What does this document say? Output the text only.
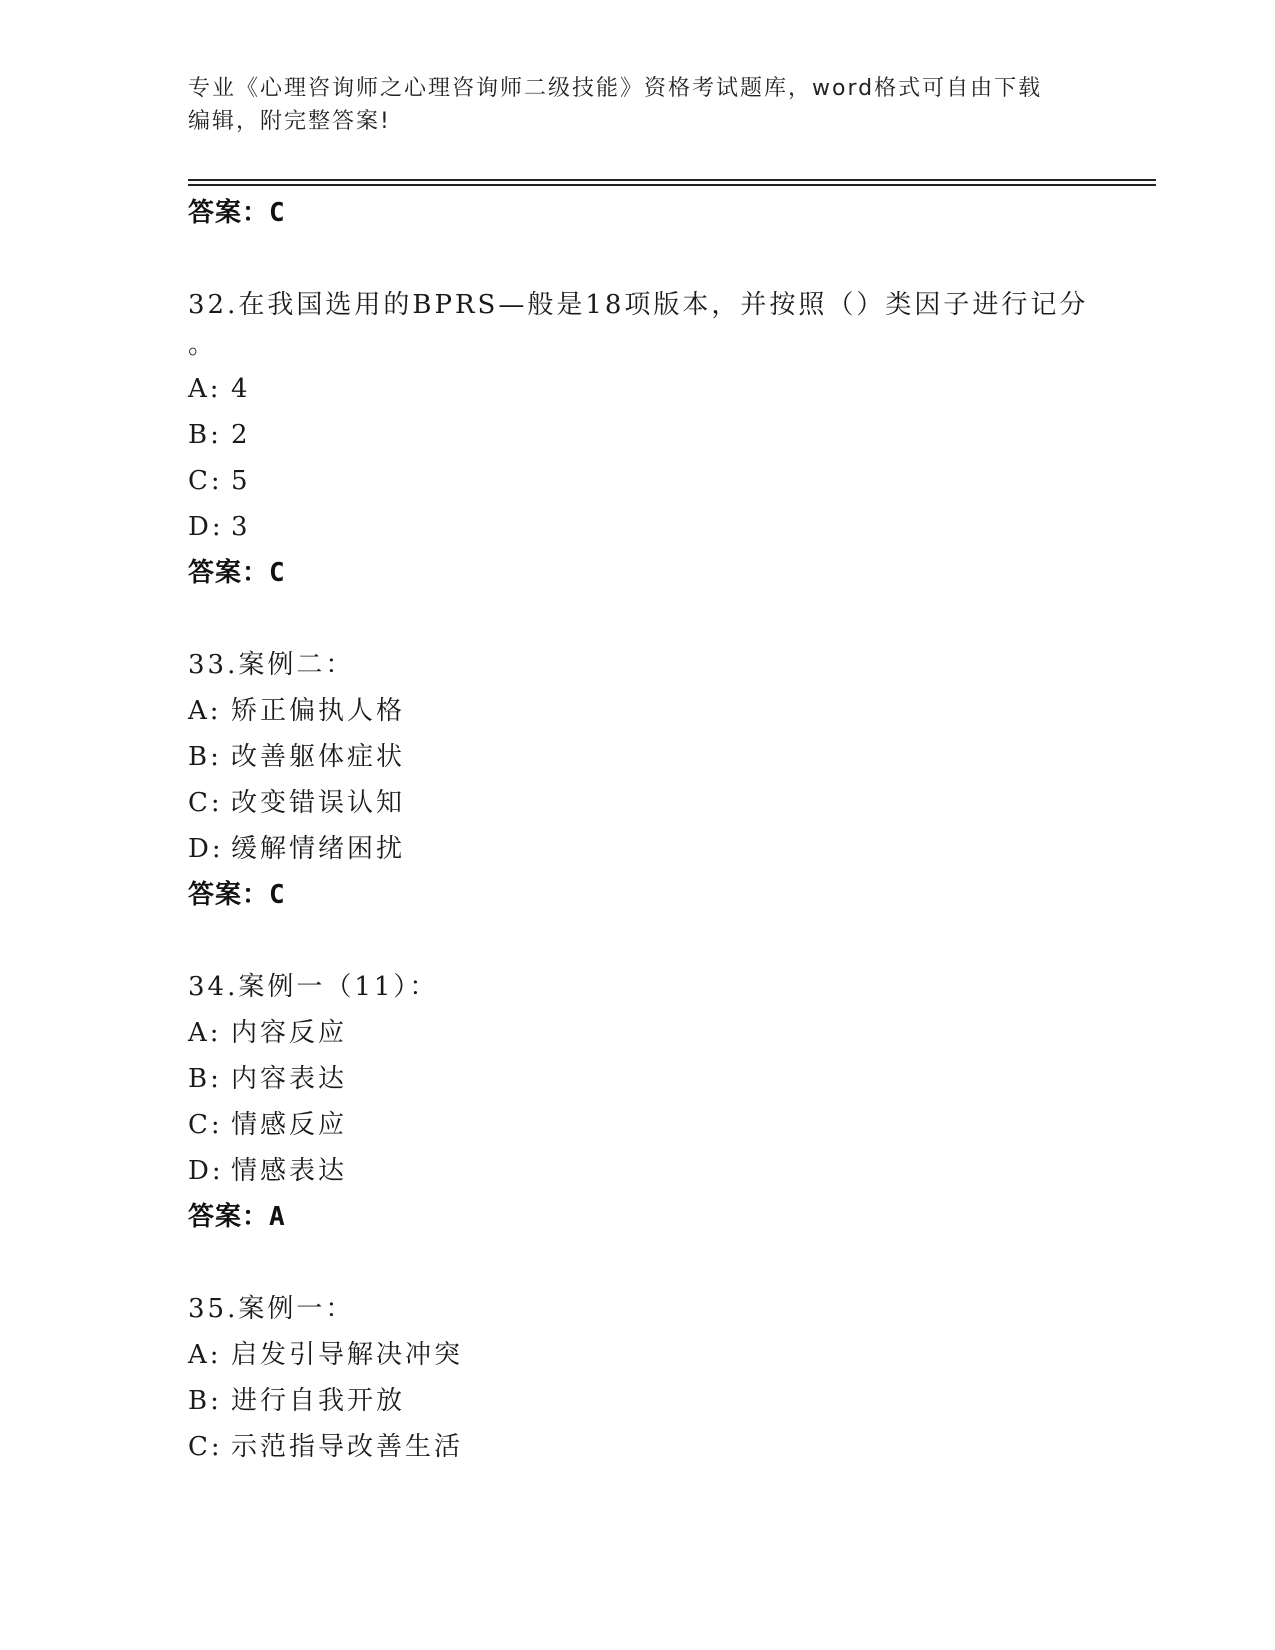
专业《心理咨询师之心理咨询师二级技能》资格考试题库，word格式可自由下载
编辑，附完整答案!
答案：C
32.在我国选用的BPRS—般是18项版本，并按照（）类因子进行记分
。
A: 4
B: 2
C: 5
D: 3
答案：C
33.案例二：
A: 矫正偏执人格
B: 改善躯体症状
C: 改变错误认知
D: 缓解情绪困扰
答案：C
34.案例一（11）：
A: 内容反应
B: 内容表达
C: 情感反应
D: 情感表达
答案：A
35.案例一：
A: 启发引导解决冲突
B: 进行自我开放
C: 示范指导改善生活
